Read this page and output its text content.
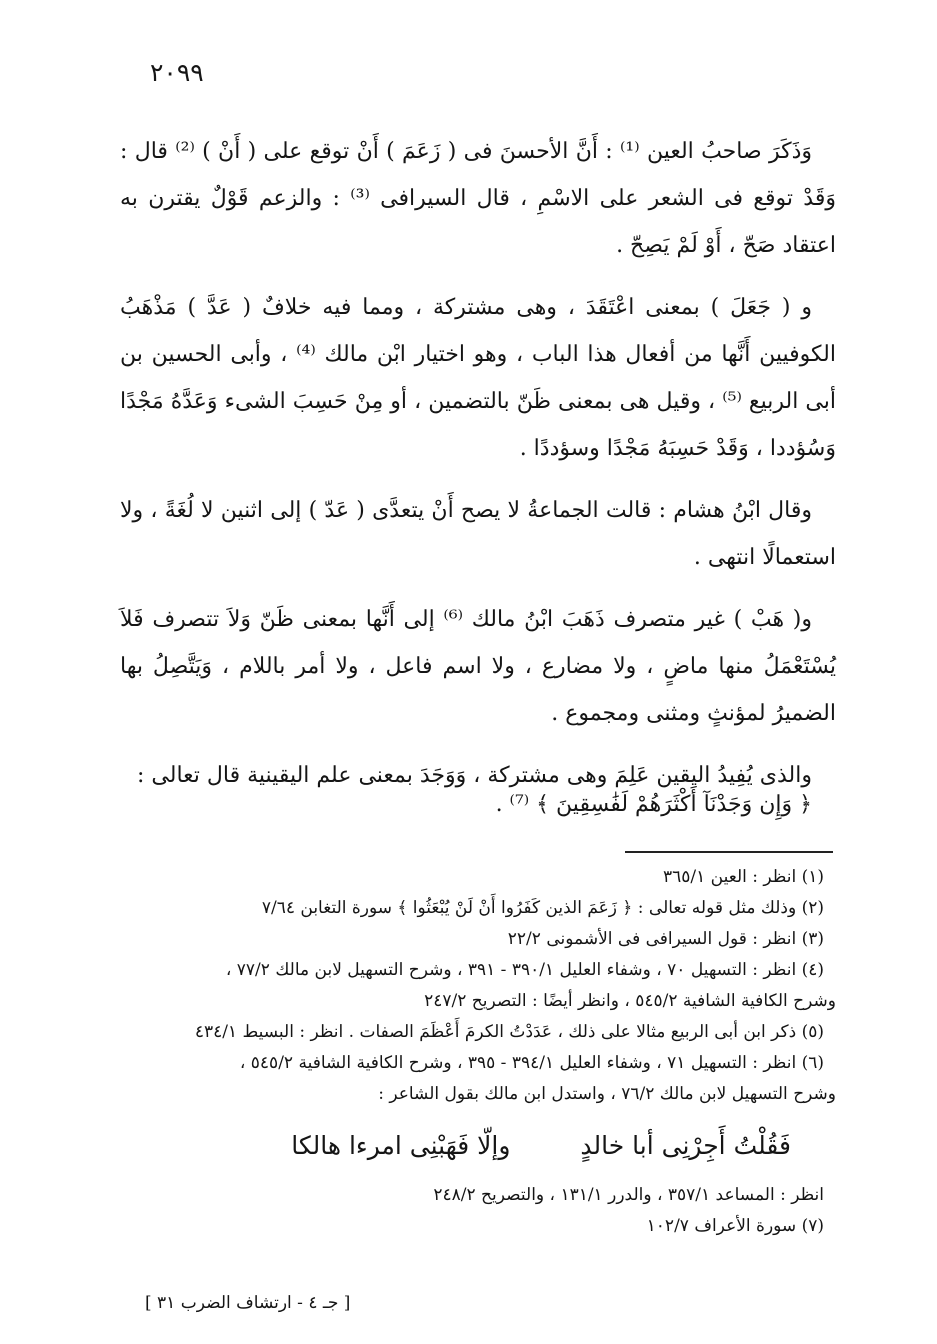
٢٠٩٩

وَذَكَرَ صاحبُ العين ⁽¹⁾ : أَنَّ الأحسنَ فى ( زَعَمَ ) أَنْ توقع على ( أَنْ ) ⁽²⁾ قال : وَقَدْ توقع فى الشعر على الاسْمِ ، قال السيرافى ⁽³⁾ : والزعم قَوْلٌ يقترن به اعتقاد صَحّ ، أَوْ لَمْ يَصِحّ .

و ( جَعَلَ ) بمعنى اعْتَقَدَ ، وهى مشتركة ، ومما فيه خلافٌ ( عَدَّ ) مَذْهَبُ الكوفيين أَنَّها من أفعال هذا الباب ، وهو اختيار ابْن مالك ⁽⁴⁾ ، وأبى الحسين بن أبى الربيع ⁽⁵⁾ ، وقيل هى بمعنى ظَنّ بالتضمين ، أو مِنْ حَسِبَ الشىء وَعَدَّهُ مَجْدًا وَسُؤددا ، وَقَدْ حَسِبَهُ مَجْدًا وسؤددًا .

وقال ابْنُ هشام : قالت الجماعةُ لا يصح أَنْ يتعدَّى ( عَدّ ) إلى اثنين لا لُغَةً ، ولا استعمالًا انتهى .

و( هَبْ ) غير متصرف ذَهَبَ ابْنُ مالك ⁽⁶⁾ إلى أَنَّها بمعنى ظَنّ وَلاَ تتصرف فَلاَ يُسْتَعْمَلُ منها ماضٍ ، ولا مضارع ، ولا اسم فاعل ، ولا أمر باللام ، وَيَتَّصِلُ بها الضميرُ لمؤنثٍ ومثنى ومجموع .

والذى يُفِيدُ اليقين عَلِمَ وهى مشتركة ، وَوَجَدَ بمعنى علم اليقينية قال تعالى :
﴿ وَإِن وَجَدْنَآ أَكْثَرَهُمْ لَفَٰسِقِينَ ﴾ ⁽⁷⁾ .

(١) انظر : العين ٣٦٥/١

(٢) وذلك مثل قوله تعالى : ﴿ زَعَمَ الذين كَفَرُوا أَنْ لَنْ يُبْعَثُوا ﴾ سورة التغابن ٧/٦٤

(٣) انظر : قول السيرافى فى الأشمونى ٢٢/٢

(٤) انظر : التسهيل ٧٠ ، وشفاء العليل ٣٩٠/١ - ٣٩١ ، وشرح التسهيل لابن مالك ٧٧/٢ ،

وشرح الكافية الشافية ٥٤٥/٢ ، وانظر أيضًا : التصريح ٢٤٧/٢

(٥) ذكر ابن أبى الربيع مثالا على ذلك ، عَدَدْتُ الكرمَ أَعْظَمَ الصفات . انظر : البسيط ٤٣٤/١

(٦) انظر : التسهيل ٧١ ، وشفاء العليل ٣٩٤/١ - ٣٩٥ ، وشرح الكافية الشافية ٥٤٥/٢ ،

وشرح التسهيل لابن مالك ٧٦/٢ ، واستدل ابن مالك بقول الشاعر :

فَقُلْتُ أَجِرْنِى أبا خالدٍ
وإلّا فَهَبْنِى امرءا هالكا

انظر : المساعد ٣٥٧/١ ، والدرر ١٣١/١ ، والتصريح ٢٤٨/٢

(٧) سورة الأعراف ١٠٢/٧

[ جـ ٤ - ارتشاف الضرب ٣١ ]
